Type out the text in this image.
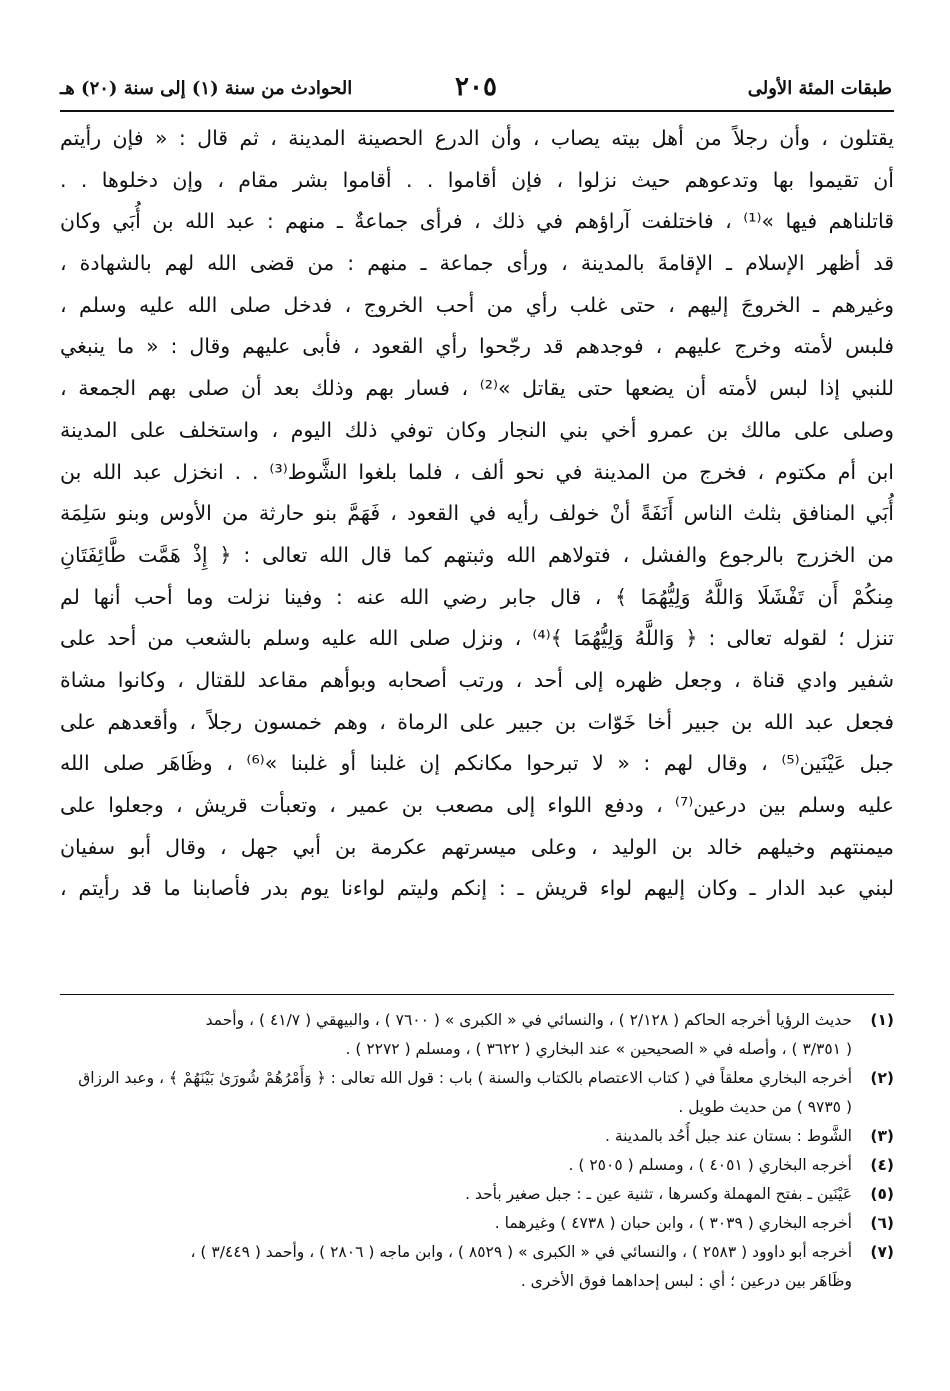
طبقات المئة الأولى
٢٠٥
الحوادث من سنة (١) إلى سنة (٢٠) هـ
يقتلون ، وأن رجلاً من أهل بيته يصاب ، وأن الدرع الحصينة المدينة ، ثم قال : « فإن رأيتم
أن تقيموا بها وتدعوهم حيث نزلوا ، فإن أقاموا . . أقاموا بشر مقام ، وإن دخلوها . .
قاتلناهم فيها »⁽¹⁾ ، فاختلفت آراؤهم في ذلك ، فرأى جماعةٌ ـ منهم : عبد الله بن أُبَي وكان
قد أظهر الإسلام ـ الإقامةَ بالمدينة ، ورأى جماعة ـ منهم : من قضى الله لهم بالشهادة ،
وغيرهم ـ الخروجَ إليهم ، حتى غلب رأي من أحب الخروج ، فدخل صلى الله عليه وسلم ،
فلبس لأمته وخرج عليهم ، فوجدهم قد رجّحوا رأي القعود ، فأبى عليهم وقال : « ما ينبغي
للنبي إذا لبس لأمته أن يضعها حتى يقاتل »⁽²⁾ ، فسار بهم وذلك بعد أن صلى بهم الجمعة ،
وصلى على مالك بن عمرو أخي بني النجار وكان توفي ذلك اليوم ، واستخلف على المدينة
ابن أم مكتوم ، فخرج من المدينة في نحو ألف ، فلما بلغوا الشَّوط⁽³⁾ . . انخزل عبد الله بن
أُبَي المنافق بثلث الناس أَنَفَةً أنْ خولف رأيه في القعود ، فَهَمَّ بنو حارثة من الأوس وبنو سَلِمَة
من الخزرج بالرجوع والفشل ، فتولاهم الله وثبتهم كما قال الله تعالى : ﴿ إِذْ هَمَّت طَّائِفَتَانِ
مِنكُمْ أَن تَفْشَلَا وَاللَّهُ وَلِيُّهُمَا ﴾ ، قال جابر رضي الله عنه : وفينا نزلت وما أحب أنها لم
تنزل ؛ لقوله تعالى : ﴿ وَاللَّهُ وَلِيُّهُمَا ﴾⁽⁴⁾ ، ونزل صلى الله عليه وسلم بالشعب من أحد على
شفير وادي قناة ، وجعل ظهره إلى أحد ، ورتب أصحابه وبوأهم مقاعد للقتال ، وكانوا مشاة
فجعل عبد الله بن جبير أخا خَوّات بن جبير على الرماة ، وهم خمسون رجلاً ، وأقعدهم على
جبل عَيْنَين⁽⁵⁾ ، وقال لهم : « لا تبرحوا مكانكم إن غلبنا أو غلبنا »⁽⁶⁾ ، وظَاهَر صلى الله
عليه وسلم بين درعين⁽⁷⁾ ، ودفع اللواء إلى مصعب بن عمير ، وتعبأت قريش ، وجعلوا على
ميمنتهم وخيلهم خالد بن الوليد ، وعلى ميسرتهم عكرمة بن أبي جهل ، وقال أبو سفيان
لبني عبد الدار ـ وكان إليهم لواء قريش ـ : إنكم وليتم لواءنا يوم بدر فأصابنا ما قد رأيتم ،
(١)
حديث الرؤيا أخرجه الحاكم ( ٢/١٢٨ ) ، والنسائي في « الكبرى » ( ٧٦٠٠ ) ، والبيهقي ( ٤١/٧ ) ، وأحمد
( ٣/٣٥١ ) ، وأصله في « الصحيحين » عند البخاري ( ٣٦٢٢ ) ، ومسلم ( ٢٢٧٢ ) .
(٢)
أخرجه البخاري معلقاً في ( كتاب الاعتصام بالكتاب والسنة ) باب : قول الله تعالى : ﴿ وَأَمْرُهُمْ شُورَىٰ بَيْنَهُمْ ﴾ ، وعبد الرزاق
( ٩٧٣٥ ) من حديث طويل .
(٣)
الشَّوط : بستان عند جبل أُحُد بالمدينة .
(٤)
أخرجه البخاري ( ٤٠٥١ ) ، ومسلم ( ٢٥٠٥ ) .
(٥)
عَيْنَين ـ بفتح المهملة وكسرها ، تثنية عين ـ : جبل صغير بأحد .
(٦)
أخرجه البخاري ( ٣٠٣٩ ) ، وابن حبان ( ٤٧٣٨ ) وغيرهما .
(٧)
أخرجه أبو داوود ( ٢٥٨٣ ) ، والنسائي في « الكبرى » ( ٨٥٢٩ ) ، وابن ماجه ( ٢٨٠٦ ) ، وأحمد ( ٣/٤٤٩ ) ،
وظَاهَر بين درعين ؛ أي : لبس إحداهما فوق الأخرى .
